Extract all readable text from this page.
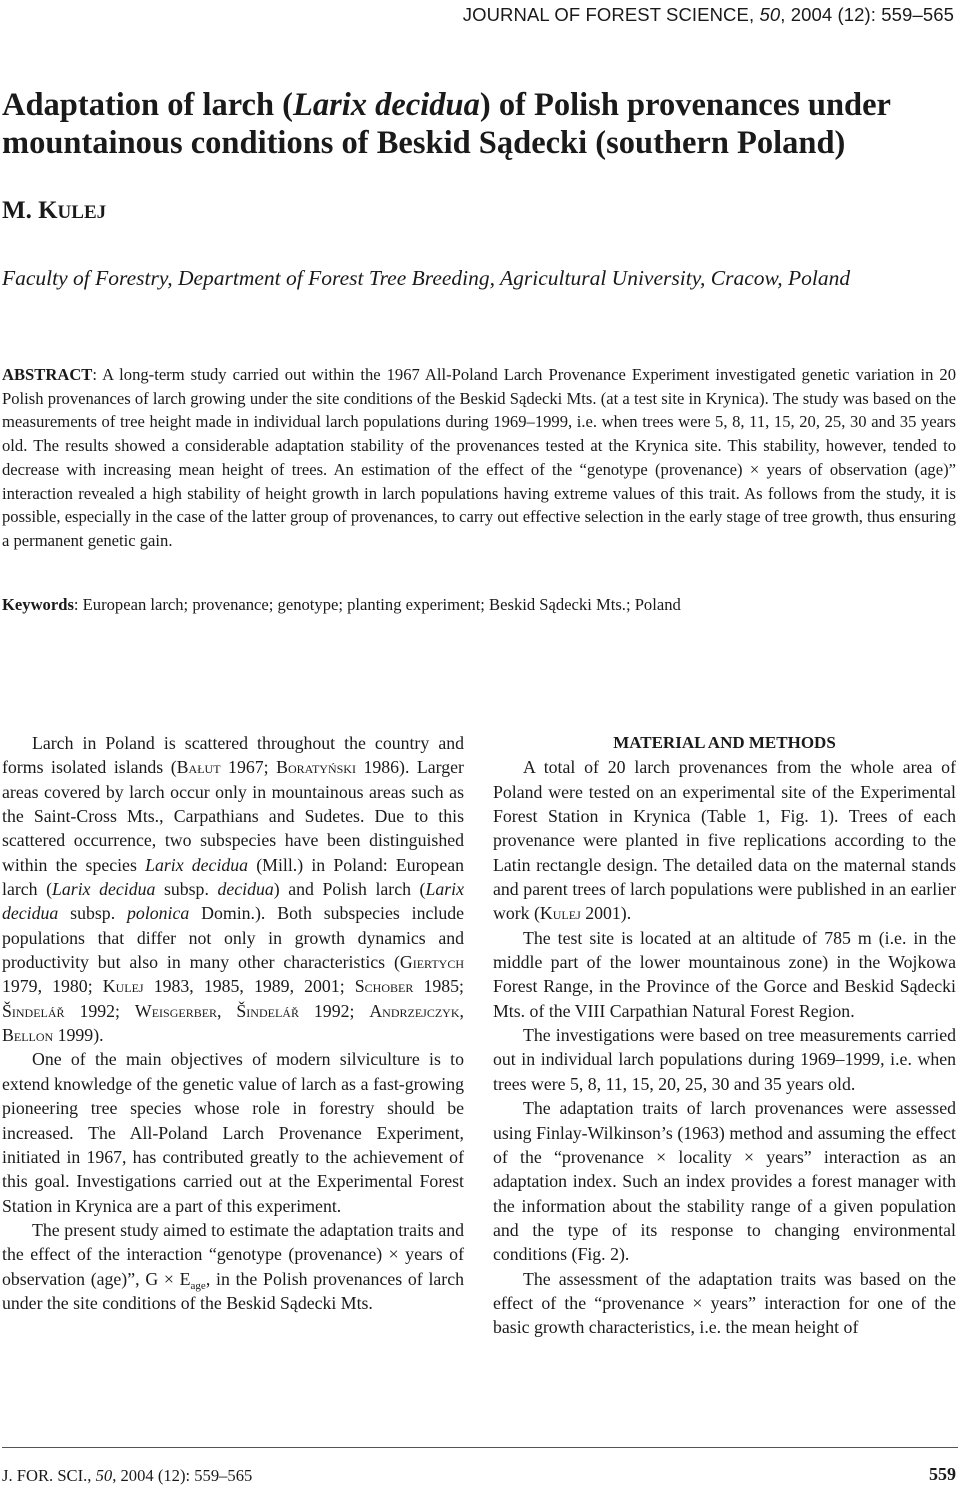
JOURNAL OF FOREST SCIENCE, 50, 2004 (12): 559–565
Adaptation of larch (Larix decidua) of Polish provenances under
mountainous conditions of Beskid Sądecki (southern Poland)
M. KULEJ
Faculty of Forestry, Department of Forest Tree Breeding, Agricultural University, Cracow, Poland
ABSTRACT: A long-term study carried out within the 1967 All-Poland Larch Provenance Experiment investigated genetic variation in 20 Polish provenances of larch growing under the site conditions of the Beskid Sądecki Mts. (at a test site in Krynica). The study was based on the measurements of tree height made in individual larch populations during 1969–1999, i.e. when trees were 5, 8, 11, 15, 20, 25, 30 and 35 years old. The results showed a considerable adaptation stability of the provenances tested at the Krynica site. This stability, however, tended to decrease with increasing mean height of trees. An estimation of the effect of the “genotype (provenance) × years of observation (age)” interaction revealed a high stability of height growth in larch populations having extreme values of this trait. As follows from the study, it is possible, especially in the case of the latter group of provenances, to carry out effective selection in the early stage of tree growth, thus ensuring a permanent genetic gain.
Keywords: European larch; provenance; genotype; planting experiment; Beskid Sądecki Mts.; Poland

Larch in Poland is scattered throughout the country and forms isolated islands (Bałut 1967; Boratyński 1986). Larger areas covered by larch occur only in mountainous areas such as the Saint-Cross Mts., Carpathians and Sudetes. Due to this scattered occurrence, two subspecies have been distinguished within the species Larix decidua (Mill.) in Poland: European larch (Larix decidua subsp. decidua) and Polish larch (Larix decidua subsp. polonica Domin.). Both subspecies include populations that differ not only in growth dynamics and productivity but also in many other characteristics (Giertych 1979, 1980; Kulej 1983, 1985, 1989, 2001; Schober 1985; Šindelář 1992; Weisgerber, Šindelář 1992; Andrzejczyk, Bellon 1999).

One of the main objectives of modern silviculture is to extend knowledge of the genetic value of larch as a fast-growing pioneering tree species whose role in forestry should be increased. The All-Poland Larch Provenance Experiment, initiated in 1967, has contributed greatly to the achievement of this goal. Investigations carried out at the Experimental Forest Station in Krynica are a part of this experiment.

The present study aimed to estimate the adaptation traits and the effect of the interaction “genotype (provenance) × years of observation (age)”, $G \times E_{age}$, in the Polish provenances of larch under the site conditions of the Beskid Sądecki Mts.

MATERIAL AND METHODS

A total of 20 larch provenances from the whole area of Poland were tested on an experimental site of the Experimental Forest Station in Krynica (Table 1, Fig. 1). Trees of each provenance were planted in five replications according to the Latin rectangle design. The detailed data on the maternal stands and parent trees of larch populations were published in an earlier work (Kulej 2001).

The test site is located at an altitude of 785 m (i.e. in the middle part of the lower mountainous zone) in the Wojkowa Forest Range, in the Province of the Gorce and Beskid Sądecki Mts. of the VIII Carpathian Natural Forest Region.

The investigations were based on tree measurements carried out in individual larch populations during 1969–1999, i.e. when trees were 5, 8, 11, 15, 20, 25, 30 and 35 years old.

The adaptation traits of larch provenances were assessed using Finlay-Wilkinson’s (1963) method and assuming the effect of the “provenance × locality × years” interaction as an adaptation index. Such an index provides a forest manager with the information about the stability range of a given population and the type of its response to changing environmental conditions (Fig. 2).

The assessment of the adaptation traits was based on the effect of the “provenance × years” interaction for one of the basic growth characteristics, i.e. the mean height of

J. FOR. SCI., 50, 2004 (12): 559–565	559
